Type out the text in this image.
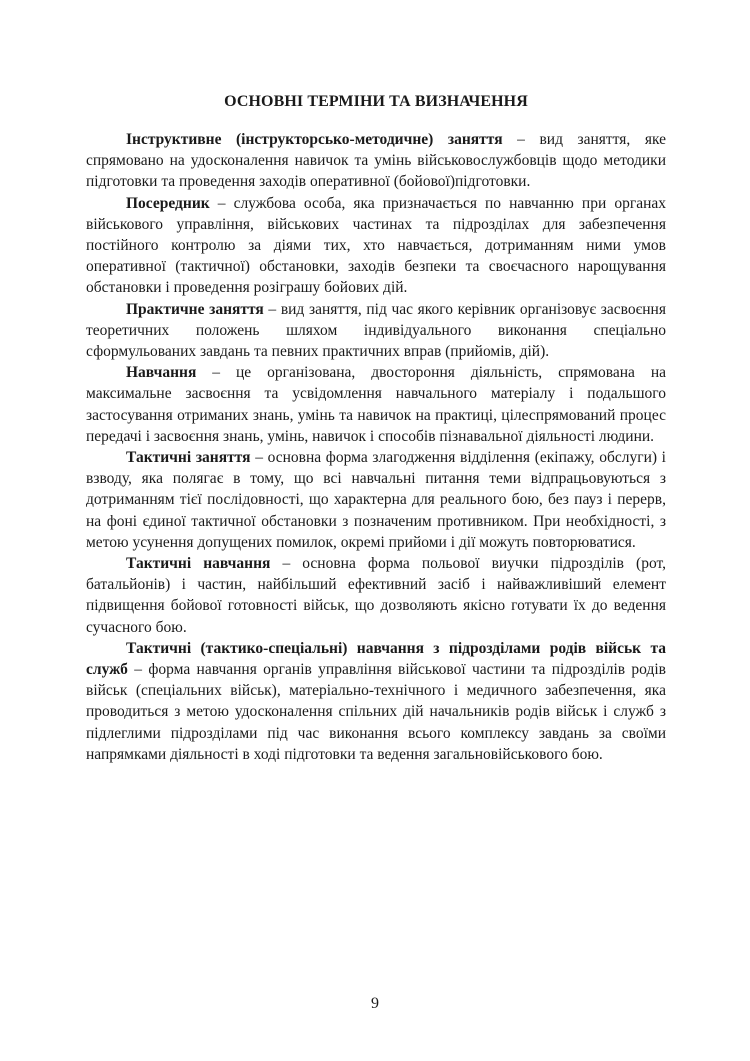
ОСНОВНІ ТЕРМІНИ ТА ВИЗНАЧЕННЯ

Інструктивне (інструкторсько-методичне) заняття – вид заняття, яке спрямовано на удосконалення навичок та умінь військовослужбовців щодо методики підготовки та проведення заходів оперативної (бойової)підготовки.

Посередник – службова особа, яка призначається по навчанню при органах військового управління, військових частинах та підрозділах для забезпечення постійного контролю за діями тих, хто навчається, дотриманням ними умов оперативної (тактичної) обстановки, заходів безпеки та своєчасного нарощування обстановки і проведення розіграшу бойових дій.

Практичне заняття – вид заняття, під час якого керівник організовує засвоєння теоретичних положень шляхом індивідуального виконання спеціально сформульованих завдань та певних практичних вправ (прийомів, дій).

Навчання – це організована, двостороння діяльність, спрямована на максимальне засвоєння та усвідомлення навчального матеріалу і подальшого застосування отриманих знань, умінь та навичок на практиці, цілеспрямований процес передачі і засвоєння знань, умінь, навичок і способів пізнавальної діяльності людини.

Тактичні заняття – основна форма злагодження відділення (екіпажу, обслуги) і взводу, яка полягає в тому, що всі навчальні питання теми відпрацьовуються з дотриманням тієї послідовності, що характерна для реального бою, без пауз і перерв, на фоні єдиної тактичної обстановки з позначеним противником. При необхідності, з метою усунення допущених помилок, окремі прийоми і дії можуть повторюватися.

Тактичні навчання – основна форма польової виучки підрозділів (рот, батальйонів) і частин, найбільший ефективний засіб і найважливіший елемент підвищення бойової готовності військ, що дозволяють якісно готувати їх до ведення сучасного бою.

Тактичні (тактико-спеціальні) навчання з підрозділами родів військ та служб – форма навчання органів управління військової частини та підрозділів родів військ (спеціальних військ), матеріально-технічного і медичного забезпечення, яка проводиться з метою удосконалення спільних дій начальників родів військ і служб з підлеглими підрозділами під час виконання всього комплексу завдань за своїми напрямками діяльності в ході підготовки та ведення загальновійськового бою.

9
